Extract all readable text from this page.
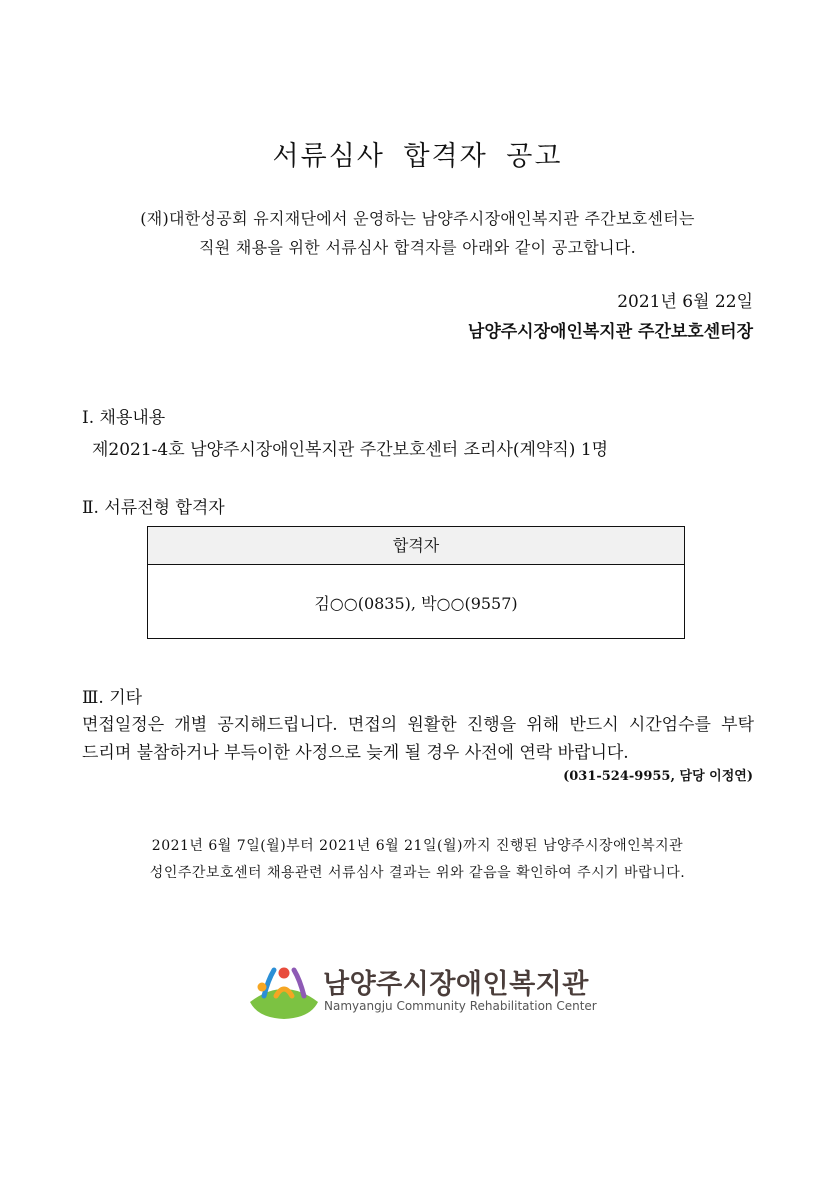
서류심사 합격자 공고
(재)대한성공회 유지재단에서 운영하는 남양주시장애인복지관 주간보호센터는
직원 채용을 위한 서류심사 합격자를 아래와 같이 공고합니다.
2021년 6월 22일
남양주시장애인복지관 주간보호센터장
Ⅰ. 채용내용
제2021-4호 남양주시장애인복지관 주간보호센터 조리사(계약직) 1명
Ⅱ. 서류전형 합격자
합격자
김○○(0835), 박○○(9557)
Ⅲ. 기타
면접일정은 개별 공지해드립니다. 면접의 원활한 진행을 위해 반드시 시간엄수를 부탁
드리며 불참하거나 부득이한 사정으로 늦게 될 경우 사전에 연락 바랍니다.
(031-524-9955, 담당 이정연)
2021년 6월 7일(월)부터 2021년 6월 21일(월)까지 진행된 남양주시장애인복지관
성인주간보호센터 채용관련 서류심사 결과는 위와 같음을 확인하여 주시기 바랍니다.
남양주시장애인복지관
Namyangju Community Rehabilitation Center
